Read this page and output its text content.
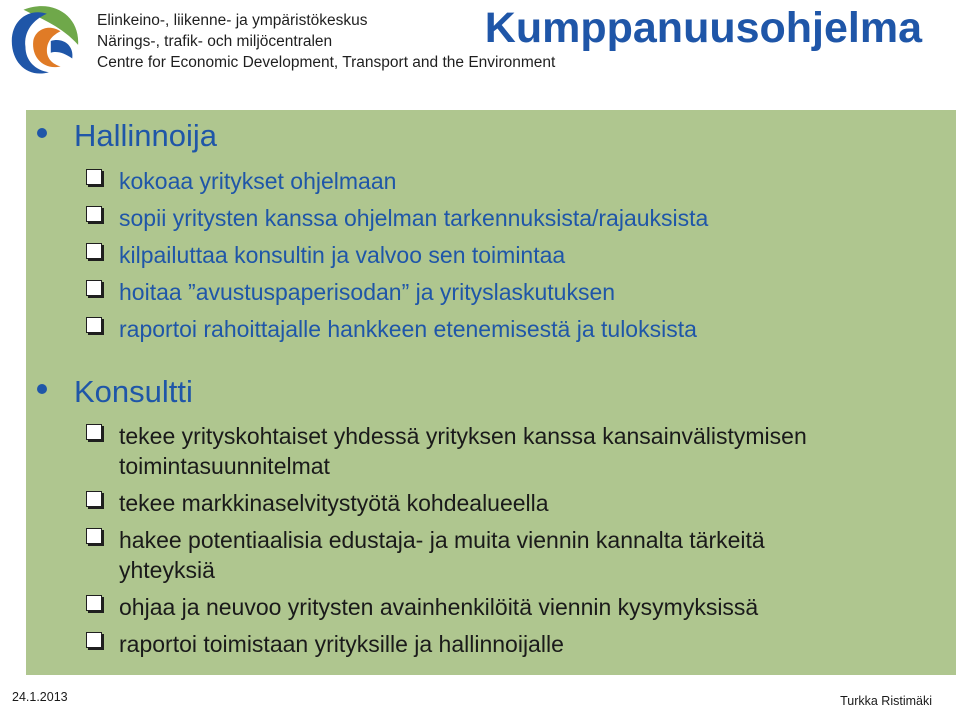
Elinkeino-, liikenne- ja ympäristökeskus
Närings-, trafik- och miljöcentralen
Centre for Economic Development, Transport and the Environment
Kumppanuusohjelma
Hallinnoija
kokoaa yritykset ohjelmaan
sopii yritysten kanssa ohjelman tarkennuksista/rajauksista
kilpailuttaa konsultin ja valvoo sen toimintaa
hoitaa ”avustuspaperisodan” ja yrityslaskutuksen
raportoi rahoittajalle hankkeen etenemisestä ja tuloksista
Konsultti
tekee yrityskohtaiset yhdessä yrityksen kanssa kansainvälistymisen toimintasuunnitelmat
tekee markkinaselvitystyötä kohdealueella
hakee potentiaalisia edustaja- ja muita viennin kannalta tärkeitä yhteyksiä
ohjaa ja neuvoo yritysten avainhenkilöitä viennin kysymyksissä
raportoi toimistaan yrityksille ja hallinnoijalle
24.1.2013	Turkka Ristimäki
